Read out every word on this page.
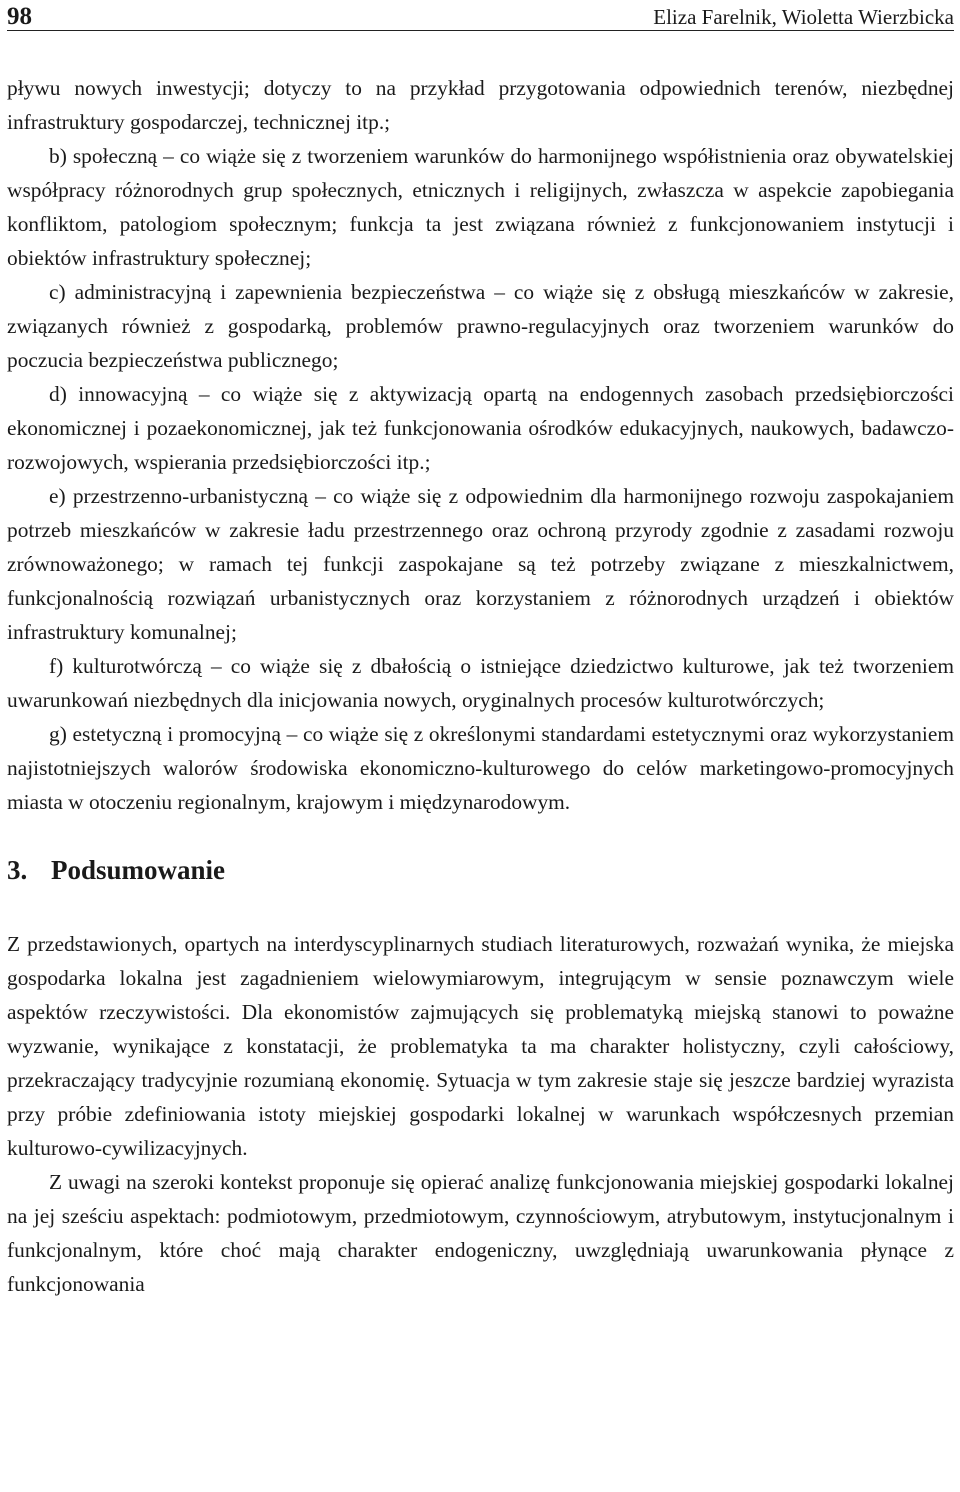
98	Eliza Farelnik, Wioletta Wierzbicka

pływu nowych inwestycji; dotyczy to na przykład przygotowania odpowiednich terenów, niezbędnej infrastruktury gospodarczej, technicznej itp.;

b) społeczną – co wiąże się z tworzeniem warunków do harmonijnego współistnienia oraz obywatelskiej współpracy różnorodnych grup społecznych, etnicznych i religijnych, zwłaszcza w aspekcie zapobiegania konfliktom, patologiom społecznym; funkcja ta jest związana również z funkcjonowaniem instytucji i obiektów infrastruktury społecznej;

c) administracyjną i zapewnienia bezpieczeństwa – co wiąże się z obsługą mieszkańców w zakresie, związanych również z gospodarką, problemów prawno-regulacyjnych oraz tworzeniem warunków do poczucia bezpieczeństwa publicznego;

d) innowacyjną – co wiąże się z aktywizacją opartą na endogennych zasobach przedsiębiorczości ekonomicznej i pozaekonomicznej, jak też funkcjonowania ośrodków edukacyjnych, naukowych, badawczo-rozwojowych, wspierania przedsiębiorczości itp.;

e) przestrzenno-urbanistyczną – co wiąże się z odpowiednim dla harmonijnego rozwoju zaspokajaniem potrzeb mieszkańców w zakresie ładu przestrzennego oraz ochroną przyrody zgodnie z zasadami rozwoju zrównoważonego; w ramach tej funkcji zaspokajane są też potrzeby związane z mieszkalnictwem, funkcjonalnością rozwiązań urbanistycznych oraz korzystaniem z różnorodnych urządzeń i obiektów infrastruktury komunalnej;

f) kulturotwórczą – co wiąże się z dbałością o istniejące dziedzictwo kulturowe, jak też tworzeniem uwarunkowań niezbędnych dla inicjowania nowych, oryginalnych procesów kulturotwórczych;

g) estetyczną i promocyjną – co wiąże się z określonymi standardami estetycznymi oraz wykorzystaniem najistotniejszych walorów środowiska ekonomiczno-kulturowego do celów marketingowo-promocyjnych miasta w otoczeniu regionalnym, krajowym i międzynarodowym.

3. Podsumowanie

Z przedstawionych, opartych na interdyscyplinarnych studiach literaturowych, rozważań wynika, że miejska gospodarka lokalna jest zagadnieniem wielowymiarowym, integrującym w sensie poznawczym wiele aspektów rzeczywistości. Dla ekonomistów zajmujących się problematyką miejską stanowi to poważne wyzwanie, wynikające z konstatacji, że problematyka ta ma charakter holistyczny, czyli całościowy, przekraczający tradycyjnie rozumianą ekonomię. Sytuacja w tym zakresie staje się jeszcze bardziej wyrazista przy próbie zdefiniowania istoty miejskiej gospodarki lokalnej w warunkach współczesnych przemian kulturowo-cywilizacyjnych.

Z uwagi na szeroki kontekst proponuje się opierać analizę funkcjonowania miejskiej gospodarki lokalnej na jej sześciu aspektach: podmiotowym, przedmiotowym, czynnościowym, atrybutowym, instytucjonalnym i funkcjonalnym, które choć mają charakter endogeniczny, uwzględniają uwarunkowania płynące z funkcjonowania
